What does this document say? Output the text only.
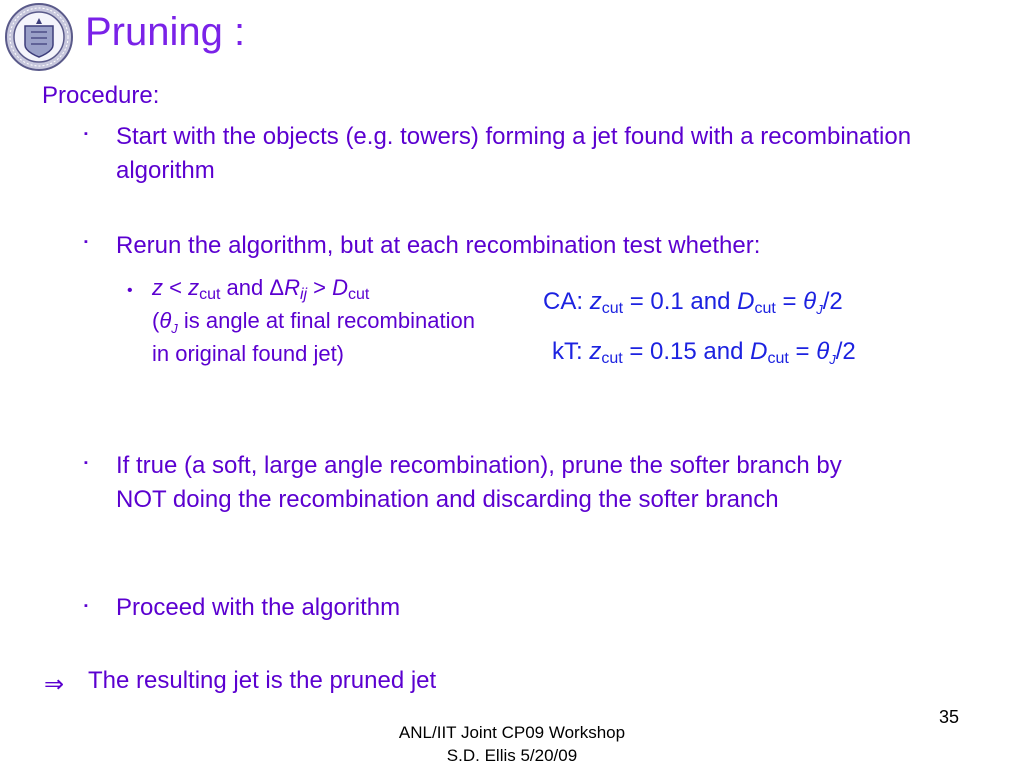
Pruning :
Procedure:
▪ Start with the objects (e.g. towers) forming a jet found with a recombination algorithm
▪ Rerun the algorithm, but at each recombination test whether:
• $z < z_{cut}$ and $\Delta R_{ij} > D_{cut}$
($\theta_J$ is angle at final recombination in original found jet)
CA: $z_{cut} = 0.1$ and $D_{cut} = \theta_J/2$
kT: $z_{cut} = 0.15$ and $D_{cut} = \theta_J/2$
▪ If true (a soft, large angle recombination), prune the softer branch by NOT doing the recombination and discarding the softer branch
▪ Proceed with the algorithm
⇒ The resulting jet is the pruned jet
35
ANL/IIT Joint CP09 Workshop
S.D. Ellis 5/20/09
